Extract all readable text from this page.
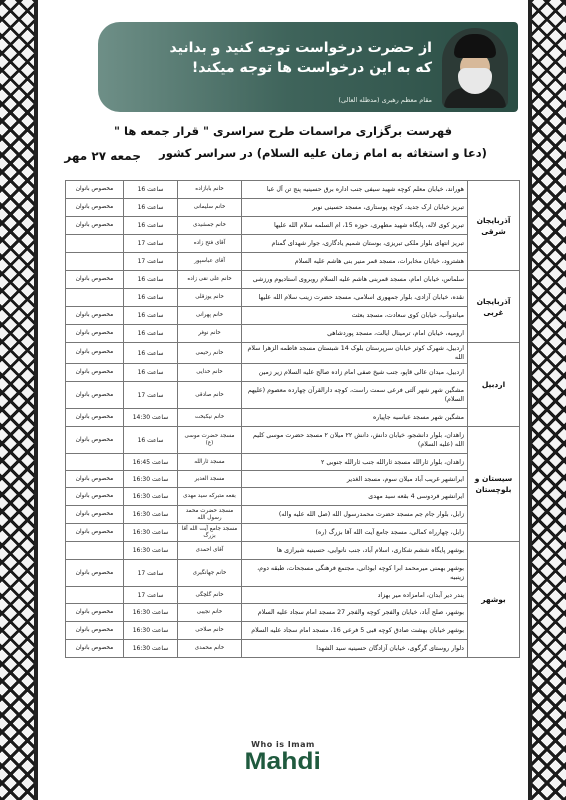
از حضرت درخواست توجه کنید و بدانید
که به این درخواست ها توجه میکند!
مقام معظم رهبری (مدظله العالی)
فهرست برگزاری مراسمات طرح سراسری " قرار جمعه ها "
(دعا و استغاثه به امام زمان علیه السلام) در سراسر کشور
جمعه ۲۷ مهر
آذربایجان شرقی	هوراند، خیابان معلم کوچه شهید سیفی جنب اداره برق حسینیه پنج تن آل عبا	خانم بابازاده	ساعت 16	مخصوص بانوان
	تبریز خیابان ارک جدید، کوچه پوستاری، مسجد حسینی نوبر	خانم سلیمانی	ساعت 16	مخصوص بانوان
	تبریز کوی لاله، پایگاه شهید مطهری، حوزه 15، ام السلمه سلام الله علیها	خانم جمشیدی	ساعت 16	مخصوص بانوان
	تبریز انتهای بلوار ملکی تبریزی، بوستان شمیم یادگاری، جوار شهدای گمنام	آقای فتح زاده	ساعت 17	
	هشترود، خیابان مخابرات، مسجد قمر منیر بنی هاشم علیه السلام	آقای عباسپور	ساعت 17	
آذربایجان غربی	سلماس، خیابان امام، مسجد قمربنی هاشم علیه السلام روبروی استادیوم ورزشی	خانم علی نقی زاده	ساعت 16	مخصوص بانوان
	نقده، خیابان آزادی، بلوار جمهوری اسلامی، مسجد حضرت زینب سلام الله علیها	خانم یوزقلی	ساعت 16	
	میاندوآب، خیابان کوی سعادت، مسجد بعثت	خانم پهرانی	ساعت 16	مخصوص بانوان
	ارومیه، خیابان امام، ترمینال ایالت، مسجد پوردشاهی	خانم نوفر	ساعت 16	مخصوص بانوان
اردبیل	اردبیل، شهرک کوثر خیابان سرپرستان بلوک 14 شبستان مسجد فاطمه الزهرا سلام الله	خانم رحیمی	ساعت 16	مخصوص بانوان
	اردبیل، میدان عالی قاپو، جنب شیخ صفی امام زاده صالح علیه السلام زیر زمین	خانم خدایی	ساعت 16	مخصوص بانوان
	مشگین شهر شهر آلتی فرعی سمت راست، کوچه دارالقرآن چهارده معصوم (علیهم السلام)	خانم صادقی	ساعت 17	مخصوص بانوان
	مشگین شهر مسجد عباسیه جاپیاره	خانم نیکبخت	ساعت 14:30	مخصوص بانوان
سیستان و بلوچستان	زاهدان، بلوار دانشجو، خیابان دانش، دانش ۲۲ میلان ۲ مسجد حضرت موسی کلیم الله (علیه السلام)	مسجد حضرت موسی (ع)	ساعت 16	مخصوص بانوان
	زاهدان، بلوار ثارالله مسجد ثارالله جنب ثارالله جنوبی ۲	مسجد ثارالله	ساعت 16:45	
	ایرانشهر غریب آباد میلان سوم، مسجد الغدیر	مسجد الغدیر	ساعت 16:30	مخصوص بانوان
	ایرانشهر فردوسی 4 بقعه سید مهدی	بقعه متبرکه سید مهدی	ساعت 16:30	مخصوص بانوان
	زابل، بلوار جام جم مسجد حضرت محمدرسول الله (صل الله علیه واله)	مسجد حضرت محمد رسول الله	ساعت 16:30	مخصوص بانوان
	زابل، چهارراه کمالی، مسجد جامع آیت الله آقا بزرگ (ره)	مسجد جامع آیت الله آقا بزرگ	ساعت 16:30	مخصوص بانوان
بوشهر	بوشهر پایگاه ششم شکاری، اسلام آباد، جنب نانوایی، حسینیه شیرازی ها	آقای احمدی	ساعت 16:30	
	بوشهر بهمنی میرمحمد ابرا کوچه ابوذانی، مجتمع فرهنگی مسجحات، طبقه دوم، زینبیه	خانم جهانگیری	ساعت 17	مخصوص بانوان
	بندر دیر آبدان، امامزاده میر بهزاد	خانم گلچگی	ساعت 17	
	بوشهر، صلح آباد، خیابان والفجر کوچه والفجر 27 مسجد امام سجاد علیه السلام	خانم نجیبی	ساعت 16:30	مخصوص بانوان
	بوشهر خیابان بهشت صادق کوچه قبی 5 فرعی 16، مسجد امام سجاد علیه السلام	خانم صلاحی	ساعت 16:30	مخصوص بانوان
	دلوار روستای گرگوی، خیابان آزادگان حسینیه سید الشهدا	خانم محمدی	ساعت 16:30	مخصوص بانوان
Who is Imam
Mahdi
